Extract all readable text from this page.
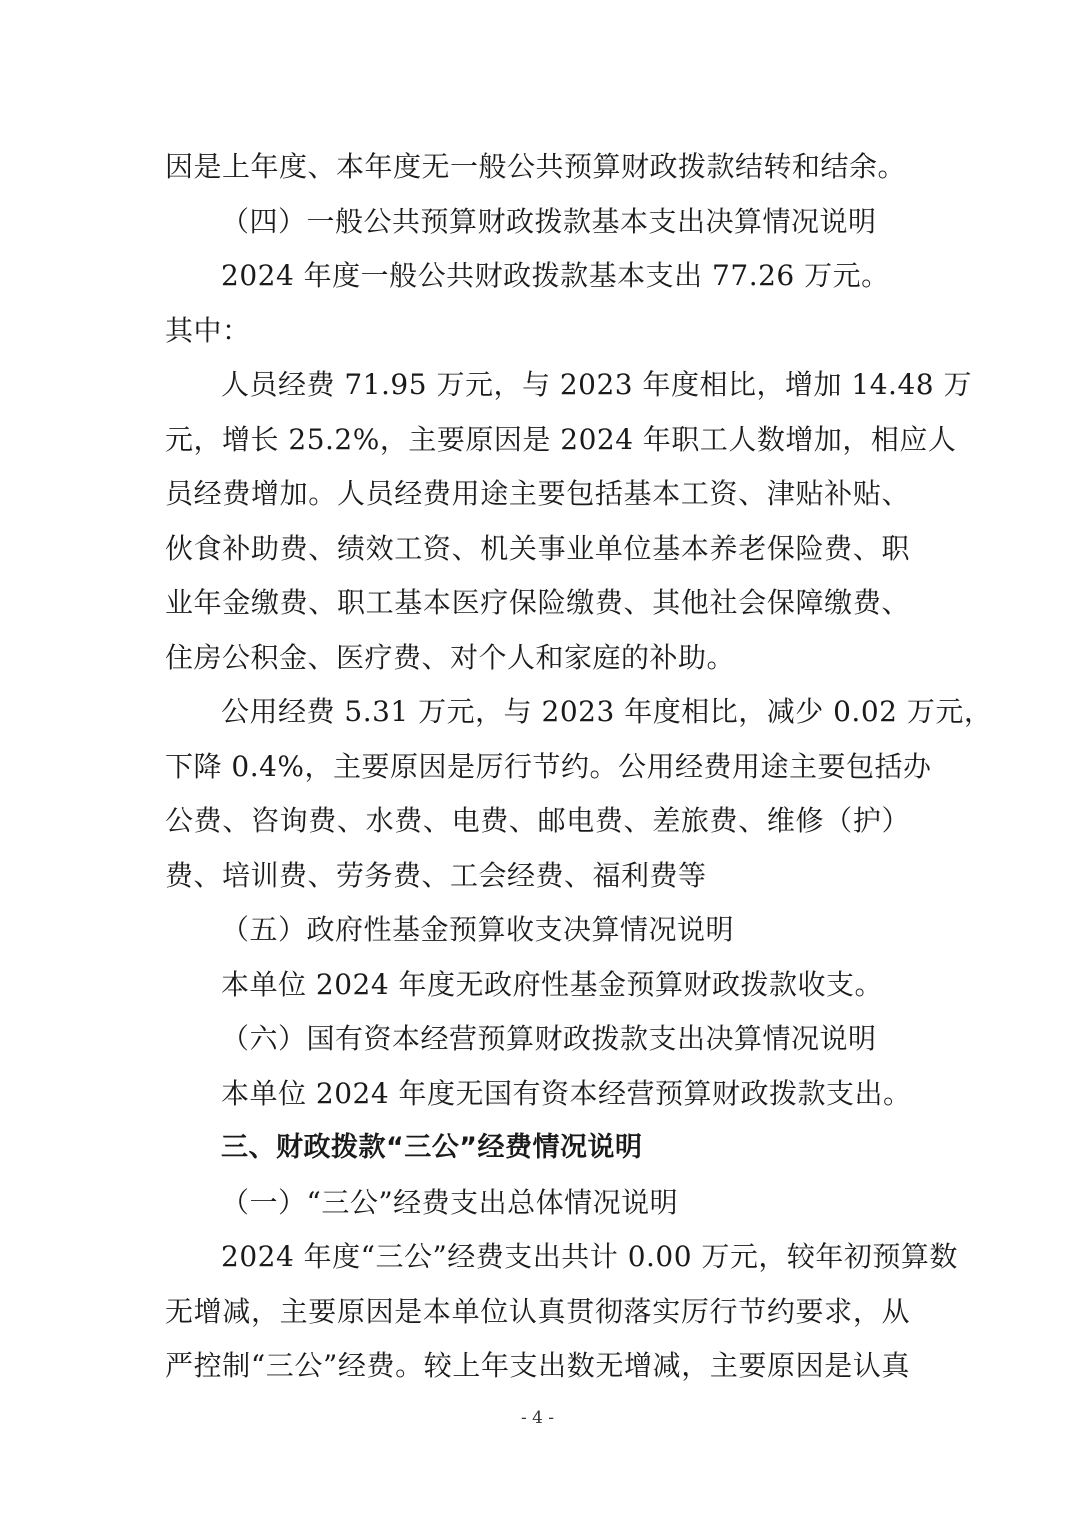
因是上年度、本年度无一般公共预算财政拨款结转和结余。
（四）一般公共预算财政拨款基本支出决算情况说明
2024 年度一般公共财政拨款基本支出 77.26 万元。
其中：
人员经费 71.95 万元，与 2023 年度相比，增加 14.48 万
元，增长 25.2%，主要原因是 2024 年职工人数增加，相应人
员经费增加。人员经费用途主要包括基本工资、津贴补贴、
伙食补助费、绩效工资、机关事业单位基本养老保险费、职
业年金缴费、职工基本医疗保险缴费、其他社会保障缴费、
住房公积金、医疗费、对个人和家庭的补助。
公用经费 5.31 万元，与 2023 年度相比，减少 0.02 万元，
下降 0.4%，主要原因是厉行节约。公用经费用途主要包括办
公费、咨询费、水费、电费、邮电费、差旅费、维修（护）
费、培训费、劳务费、工会经费、福利费等
（五）政府性基金预算收支决算情况说明
本单位 2024 年度无政府性基金预算财政拨款收支。
（六）国有资本经营预算财政拨款支出决算情况说明
本单位 2024 年度无国有资本经营预算财政拨款支出。
三、财政拨款“三公”经费情况说明
（一）“三公”经费支出总体情况说明
2024 年度“三公”经费支出共计 0.00 万元，较年初预算数
无增减，主要原因是本单位认真贯彻落实厉行节约要求，从
严控制“三公”经费。较上年支出数无增减，主要原因是认真
- 4 -
